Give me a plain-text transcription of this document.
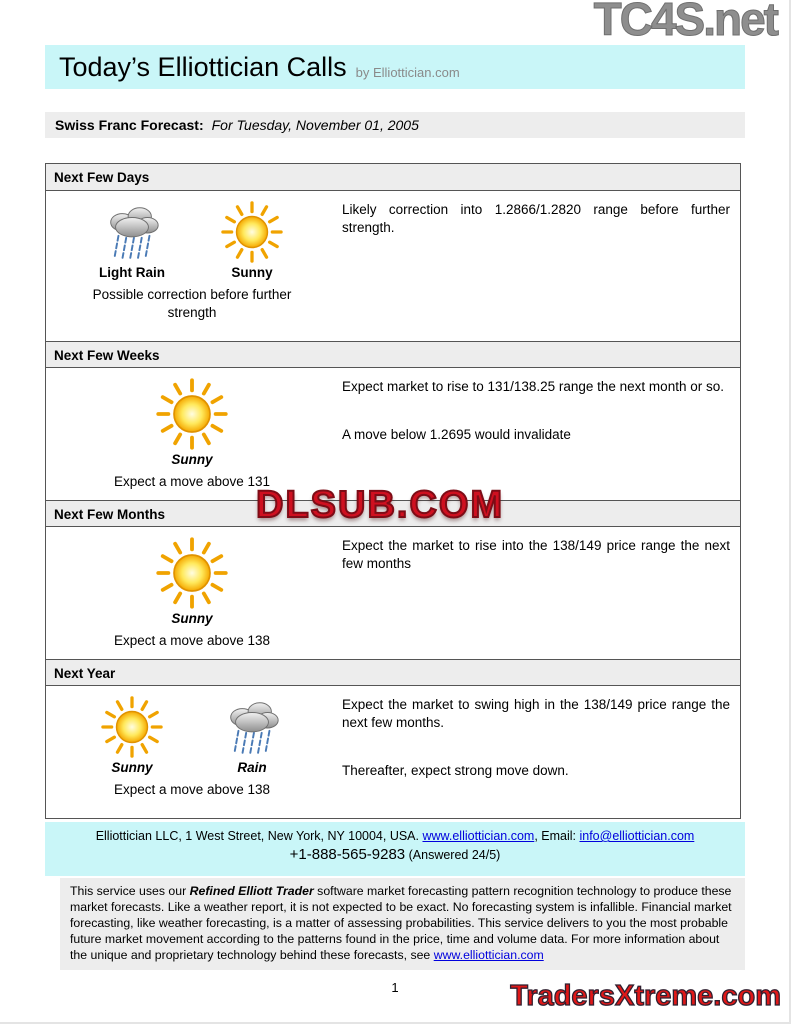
TC4S.net
Today’s Elliottician Calls by Elliottician.com
Swiss Franc Forecast: For Tuesday, November 01, 2005
Next Few Days
Light Rain	Sunny
Possible correction before further strength

Likely correction into 1.2866/1.2820 range before further strength.

Next Few Weeks
Sunny
Expect a move above 131

Expect market to rise to 131/138.25 range the next month or so.

A move below 1.2695 would invalidate

Next Few Months
Sunny
Expect a move above 138

Expect the market to rise into the 138/149 price range the next few months

Next Year
Sunny	Rain
Expect a move above 138

Expect the market to swing high in the 138/149 price range the next few months.

Thereafter, expect strong move down.

DLSUB.COM
Elliottician LLC, 1 West Street, New York, NY 10004, USA. www.elliottician.com, Email: info@elliottician.com
+1-888-565-9283 (Answered 24/5)
This service uses our Refined Elliott Trader software market forecasting pattern recognition technology to produce these market forecasts. Like a weather report, it is not expected to be exact. No forecasting system is infallible. Financial market forecasting, like weather forecasting, is a matter of assessing probabilities. This service delivers to you the most probable future market movement according to the patterns found in the price, time and volume data. For more information about the unique and proprietary technology behind these forecasts, see www.elliottician.com
1	TradersXtreme.com
